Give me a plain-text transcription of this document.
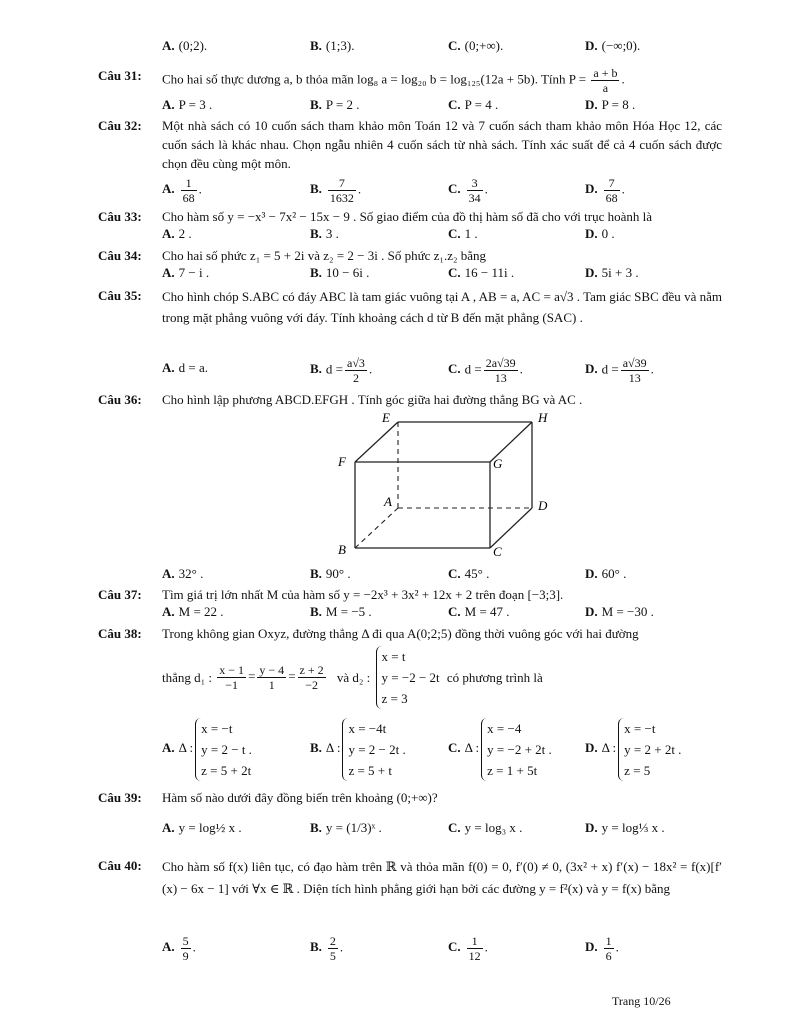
A. (0;2).	B. (1;3).	C. (0;+∞).	D. (−∞;0).
Câu 31: Cho hai số thực dương a, b thỏa mãn log₈ a = log₂₀ b = log₁₂₅(12a + 5b). Tính $P = \frac{a + b}{a}$ .
A. P = 3 .	B. P = 2 .	C. P = 4 .	D. P = 8 .
Câu 32: Một nhà sách có 10 cuốn sách tham khảo môn Toán 12 và 7 cuốn sách tham khảo môn Hóa Học 12, các cuốn sách là khác nhau. Chọn ngẫu nhiên 4 cuốn sách từ nhà sách. Tính xác suất để cả 4 cuốn sách được chọn đều cùng một môn.
A. $\frac{1}{68}$ .	B. $\frac{7}{1632}$ .	C. $\frac{3}{34}$ .	D. $\frac{7}{68}$ .
Câu 33: Cho hàm số y = −x³ − 7x² − 15x − 9 . Số giao điểm của đồ thị hàm số đã cho với trục hoành là
A. 2 .	B. 3 .	C. 1 .	D. 0 .
Câu 34: Cho hai số phức z₁ = 5 + 2i và z₂ = 2 − 3i . Số phức z₁.z₂ bằng
A. 7 − i .	B. 10 − 6i .	C. 16 − 11i .	D. 5i + 3 .
Câu 35: Cho hình chóp S.ABC có đáy ABC là tam giác vuông tại A , AB = a, AC = a√3 . Tam giác SBC đều và nằm trong mặt phẳng vuông với đáy. Tính khoảng cách d từ B đến mặt phẳng (SAC) .
A. d = a.	B. $d = \frac{a√3}{2}$ .	C. $d = \frac{2a√39}{13}$ .	D. $d = \frac{a√39}{13}$ .
Câu 36: Cho hình lập phương ABCD.EFGH . Tính góc giữa hai đường thẳng BG và AC .
E	H
F	G
A	D
B	C
A. 32° .	B. 90° .	C. 45° .	D. 60° .
Câu 37: Tìm giá trị lớn nhất M của hàm số y = −2x³ + 3x² + 12x + 2 trên đoạn [−3;3].
A. M = 22 .	B. M = −5 .	C. M = 47 .	D. M = −30 .
Câu 38: Trong không gian Oxyz, đường thẳng Δ đi qua A(0;2;5) đồng thời vuông góc với hai đường
thẳng d₁ : $\frac{x - 1}{-1} = \frac{y - 4}{1} = \frac{z + 2}{-2}$ và d₂ :
x = t
y = −2 − 2t
z = 3
có phương trình là
A. Δ :
x = −t
y = 2 − t .
z = 5 + 2t
B. Δ :
x = −4t
y = 2 − 2t .
z = 5 + t
C. Δ :
x = −4
y = −2 + 2t .
z = 1 + 5t
D. Δ :
x = −t
y = 2 + 2t .
z = 5
Câu 39: Hàm số nào dưới đây đồng biến trên khoảng (0;+∞)?
A. y = log½ x .	B. y = (1/3)ˣ .	C. y = log₃ x .	D. y = log⅓ x .
Câu 40: Cho hàm số f(x) liên tục, có đạo hàm trên ℝ và thỏa mãn f(0) = 0, f′(0) ≠ 0, (3x² + x) f′(x) − 18x² = f(x)[f′(x) − 6x − 1] với ∀x ∈ ℝ . Diện tích hình phẳng giới hạn bởi các đường y = f²(x) và y = f(x) bằng
A. $\frac{5}{9}$ .	B. $\frac{2}{5}$ .	C. $\frac{1}{12}$ .	D. $\frac{1}{6}$ .
Trang 10/26
